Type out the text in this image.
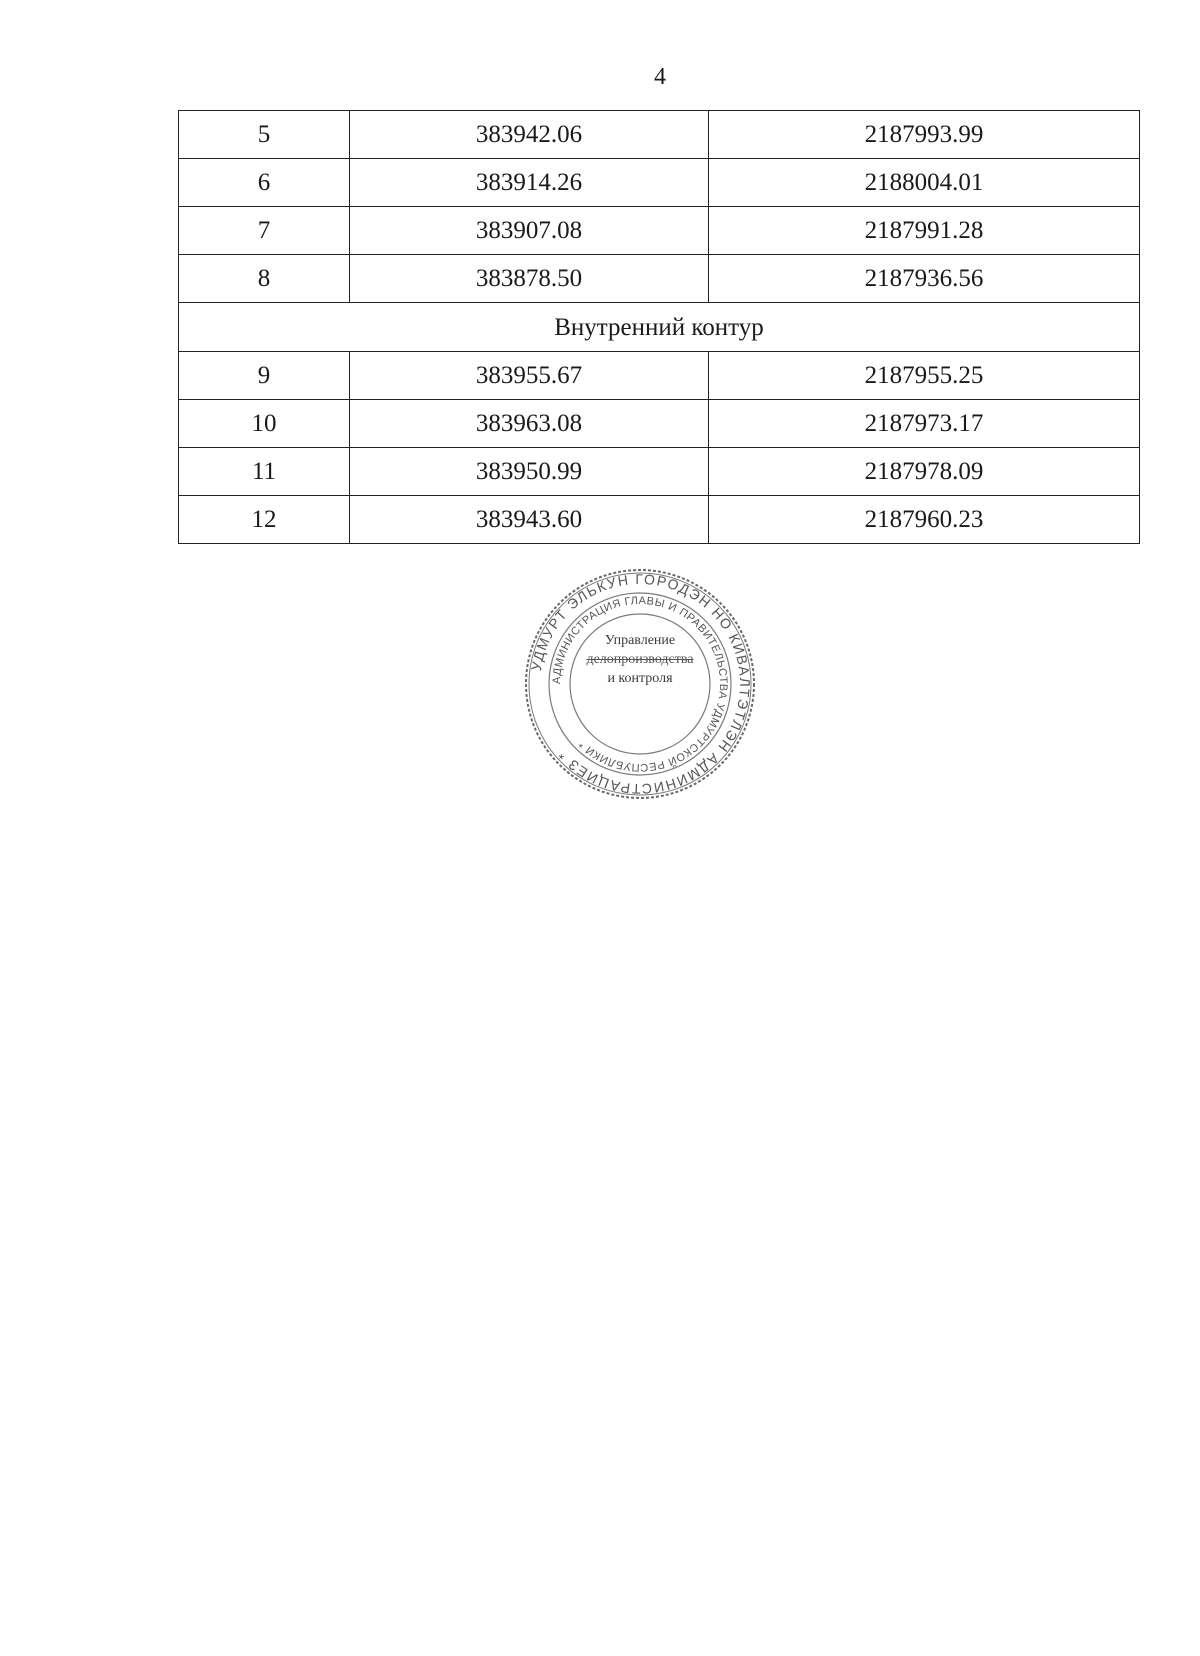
4
5	383942.06	2187993.99
6	383914.26	2188004.01
7	383907.08	2187991.28
8	383878.50	2187936.56
Внутренний контур		
9	383955.67	2187955.25
10	383963.08	2187973.17
11	383950.99	2187978.09
12	383943.60	2187960.23
УДМУРТ ЭЛЬКУН ГОРОДЭН НО КИВАЛТЭТЛЭН АДМИНИСТРАЦИЕЗ *
АДМИНИСТРАЦИЯ ГЛАВЫ И ПРАВИТЕЛЬСТВА УДМУРТСКОЙ РЕСПУБЛИКИ *
Управление
делопроизводства
и контроля
